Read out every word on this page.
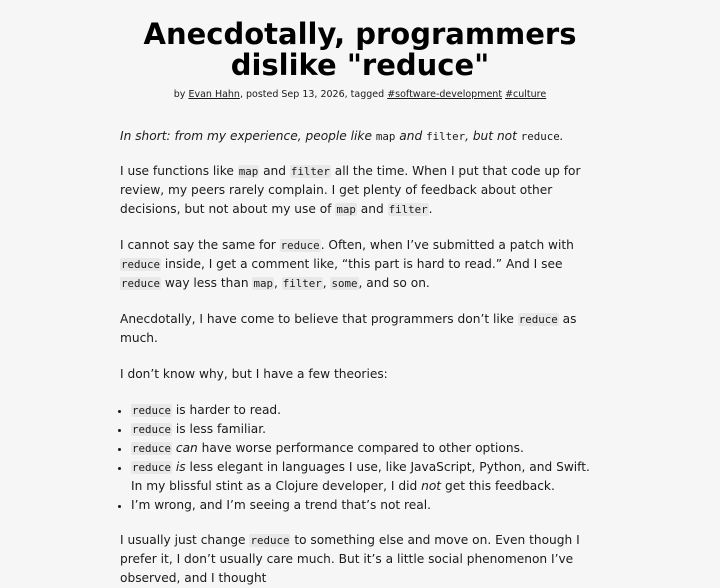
Anecdotally, programmers
dislike "reduce"
by Evan Hahn, posted Sep 13, 2026, tagged #software-development #culture

In short: from my experience, people like map and filter, but not reduce.

I use functions like map and filter all the time. When I put that code up for review, my peers rarely complain. I get plenty of feedback about other decisions, but not about my use of map and filter.

I cannot say the same for reduce. Often, when I’ve submitted a patch with reduce inside, I get a comment like, “this part is hard to read.” And I see reduce way less than map, filter, some, and so on.

Anecdotally, I have come to believe that programmers don’t like reduce as much.

I don’t know why, but I have a few theories:

• reduce is harder to read.
• reduce is less familiar.
• reduce can have worse performance compared to other options.
• reduce is less elegant in languages I use, like JavaScript, Python, and Swift. In my blissful stint as a Clojure developer, I did not get this feedback.
• I’m wrong, and I’m seeing a trend that’s not real.

I usually just change reduce to something else and move on. Even though I prefer it, I don’t usually care much. But it’s a little social phenomenon I’ve observed, and I thought
